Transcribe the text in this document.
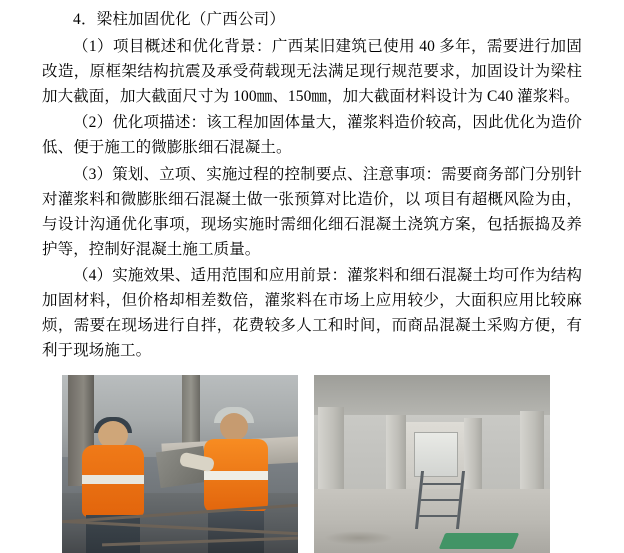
4．梁柱加固优化（广西公司）

（1）项目概述和优化背景：广西某旧建筑已使用 40 多年，需要进行加固改造，原框架结构抗震及承受荷载现无法满足现行规范要求，加固设计为梁柱加大截面，加大截面尺寸为 100㎜、150㎜，加大截面材料设计为 C40 灌浆料。

（2）优化项描述：该工程加固体量大，灌浆料造价较高，因此优化为造价低、便于施工的微膨胀细石混凝土。

（3）策划、立项、实施过程的控制要点、注意事项：需要商务部门分别针对灌浆料和微膨胀细石混凝土做一张预算对比造价，以 项目有超概风险为由，与设计沟通优化事项，现场实施时需细化细石混凝土浇筑方案，包括振捣及养护等，控制好混凝土施工质量。

（4）实施效果、适用范围和应用前景：灌浆料和细石混凝土均可作为结构加固材料，但价格却相差数倍，灌浆料在市场上应用较少，大面积应用比较麻烦，需要在现场进行自拌，花费较多人工和时间，而商品混凝土采购方便，有利于现场施工。
